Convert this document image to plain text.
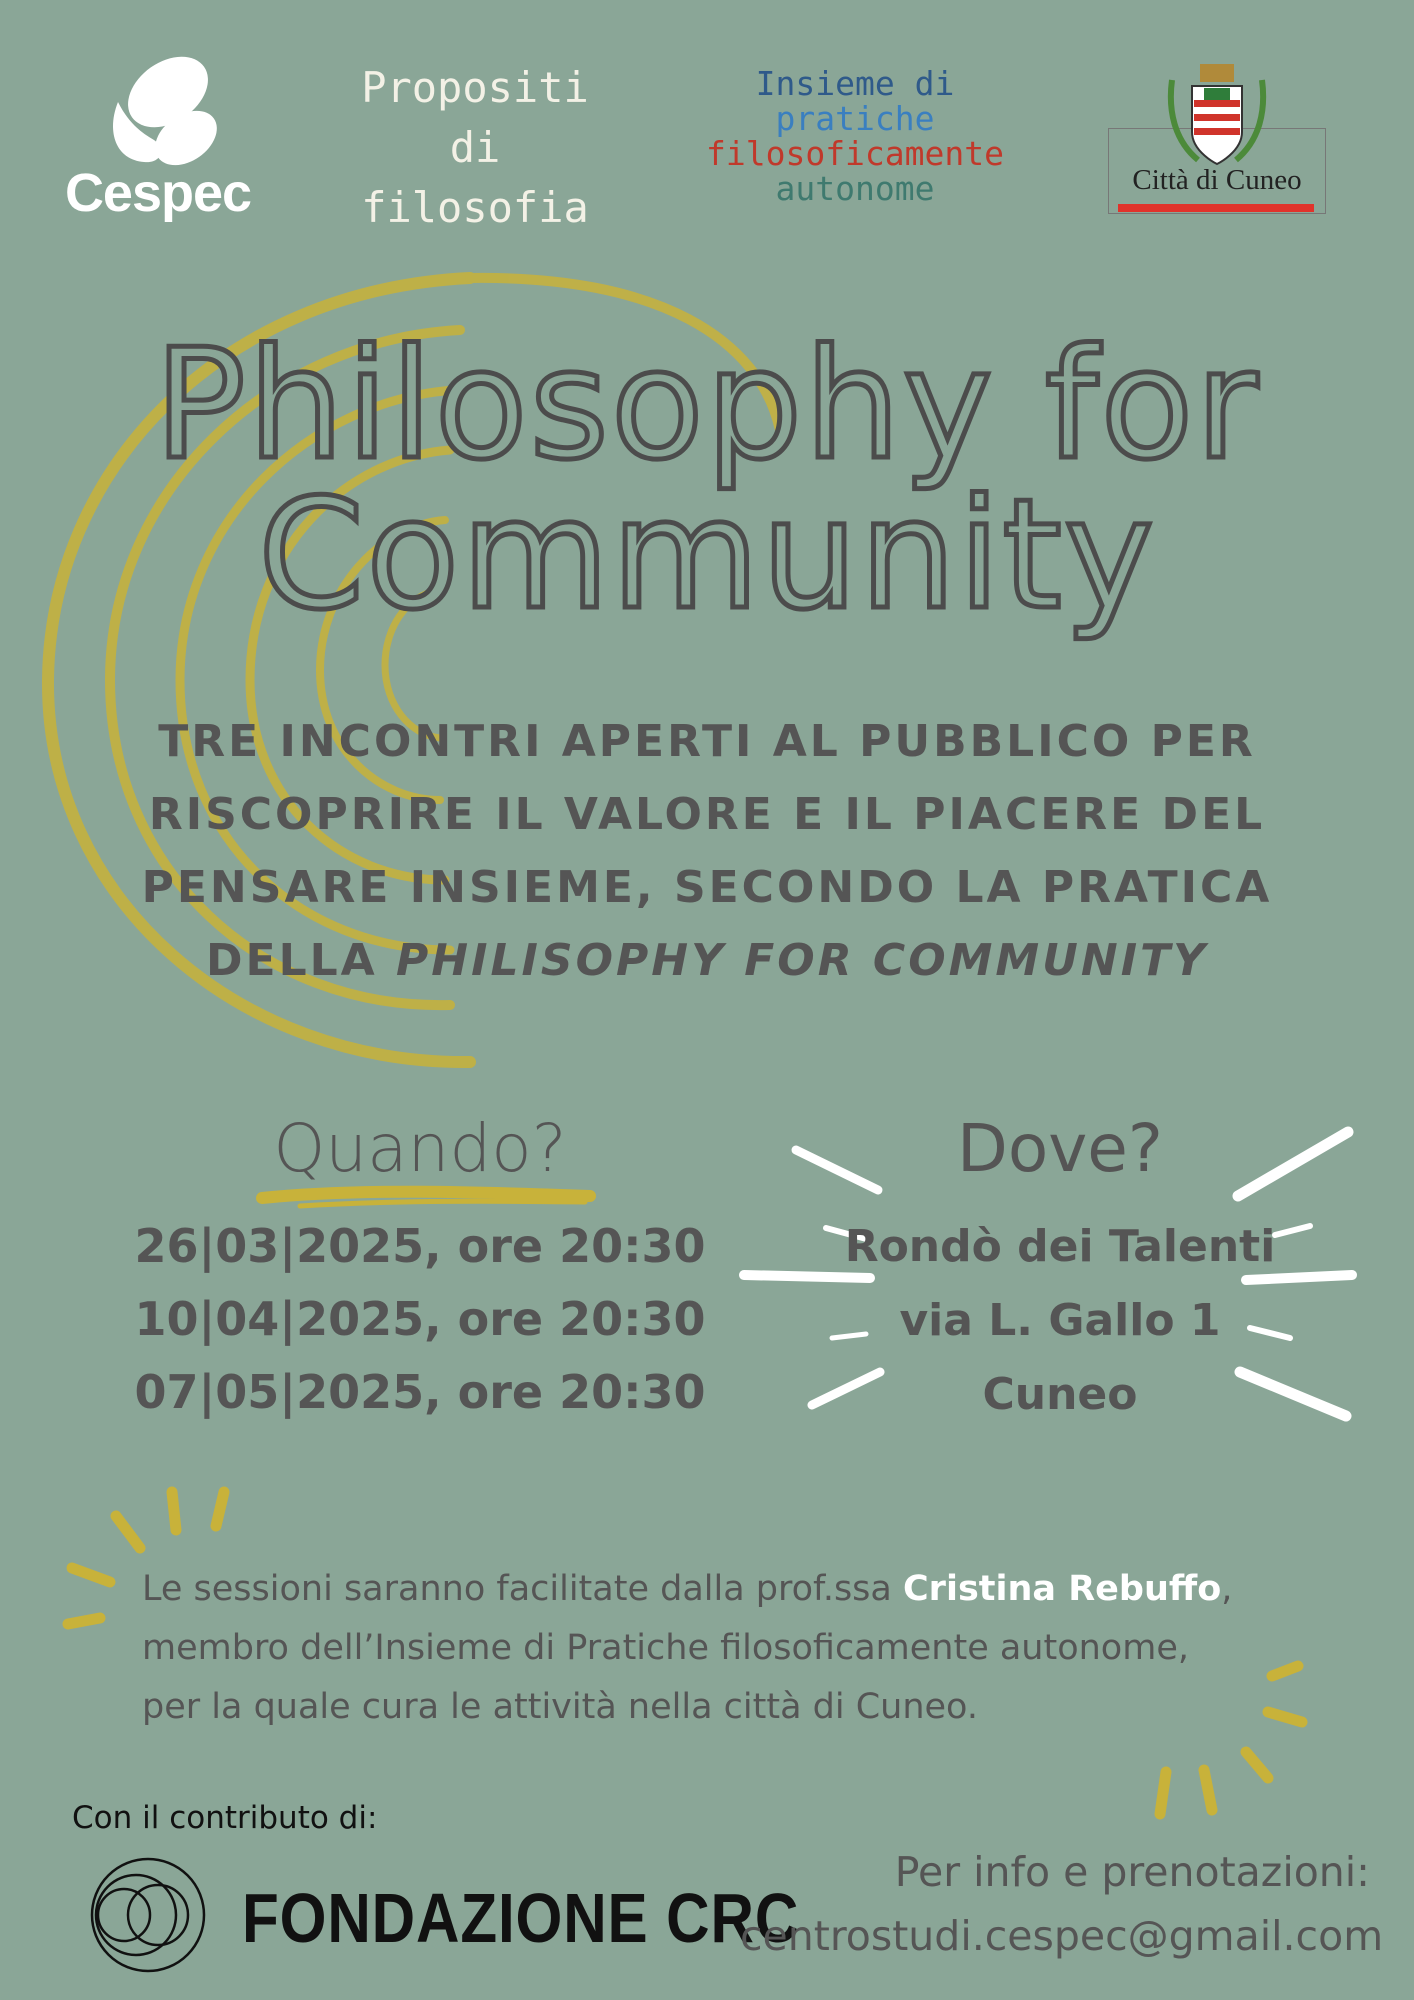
Cespec
Propositi
di
filosofia
Insieme di
pratiche
filosoficamente
autonome	Città di Cuneo
Philosophy for
Community
TRE INCONTRI APERTI AL PUBBLICO PER
RISCOPRIRE IL VALORE E IL PIACERE DEL
PENSARE INSIEME, SECONDO LA PRATICA
DELLA PHILISOPHY FOR COMMUNITY
Quando?
26|03|2025, ore 20:30
10|04|2025, ore 20:30
07|05|2025, ore 20:30
Dove?
Rondò dei Talenti
via L. Gallo 1
Cuneo
Le sessioni saranno facilitate dalla prof.ssa Cristina Rebuffo,
membro dell’Insieme di Pratiche filosoficamente autonome,
per la quale cura le attività nella città di Cuneo.
Con il contributo di:
FONDAZIONE CRC
Per info e prenotazioni:
centrostudi.cespec@gmail.com
